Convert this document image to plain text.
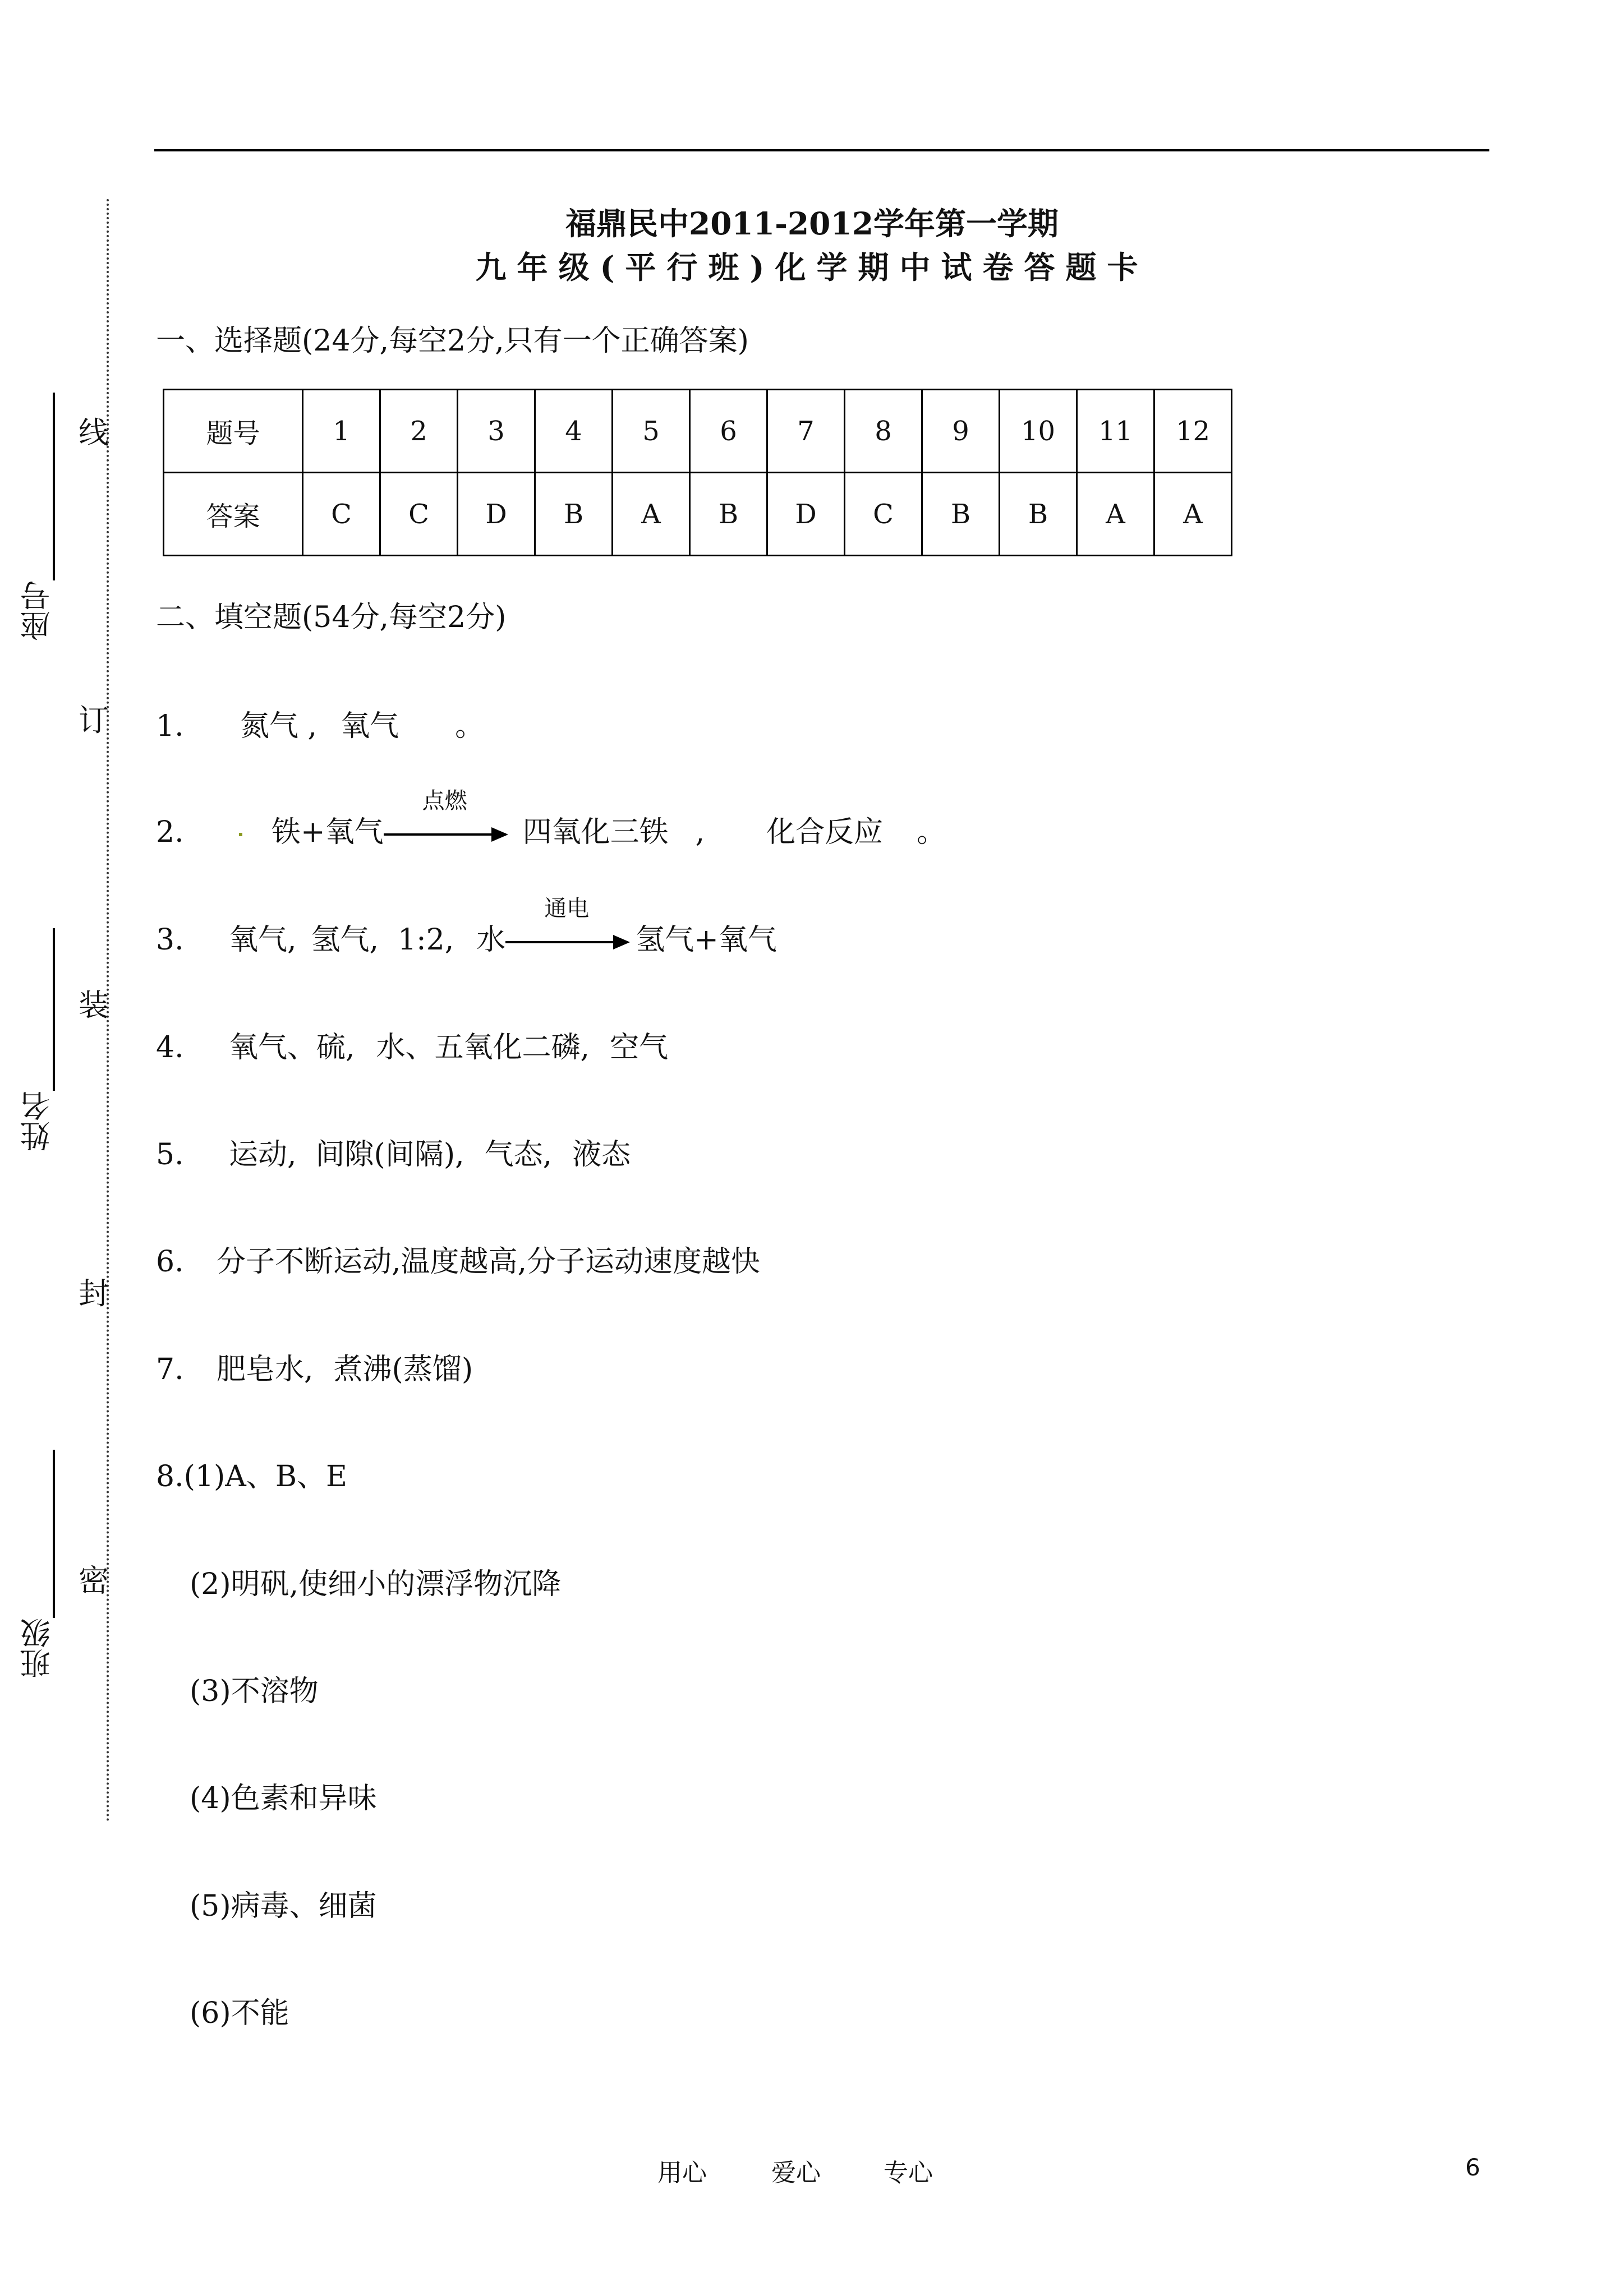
线
订
装
封
密
座号
姓名
班级
福鼎民中2011-2012学年第一学期
九年级(平行班)化学期中试卷答题卡
一、选择题(24分,每空2分,只有一个正确答案)
题号	1	2	3	4	5	6	7	8	9	10	11	12
答案	C	C	D	B	A	B	D	C	B	B	A	A
二、填空题(54分,每空2分)
1. 氮气 , 氧气 。
2.	铁+氧气
点燃
四氧化三铁 , 化合反应 。
3. 氧气, 氢气, 1:2, 水
通电
氢气+氧气
4. 氧气、硫, 水、五氧化二磷, 空气
5. 运动, 间隙(间隔), 气态, 液态
6. 分子不断运动,温度越高,分子运动速度越快
7. 肥皂水, 煮沸(蒸馏)
8.(1)A、B、E
(2)明矾,使细小的漂浮物沉降
(3)不溶物
(4)色素和异味
(5)病毒、细菌
(6)不能
用心	爱心	专心	6
